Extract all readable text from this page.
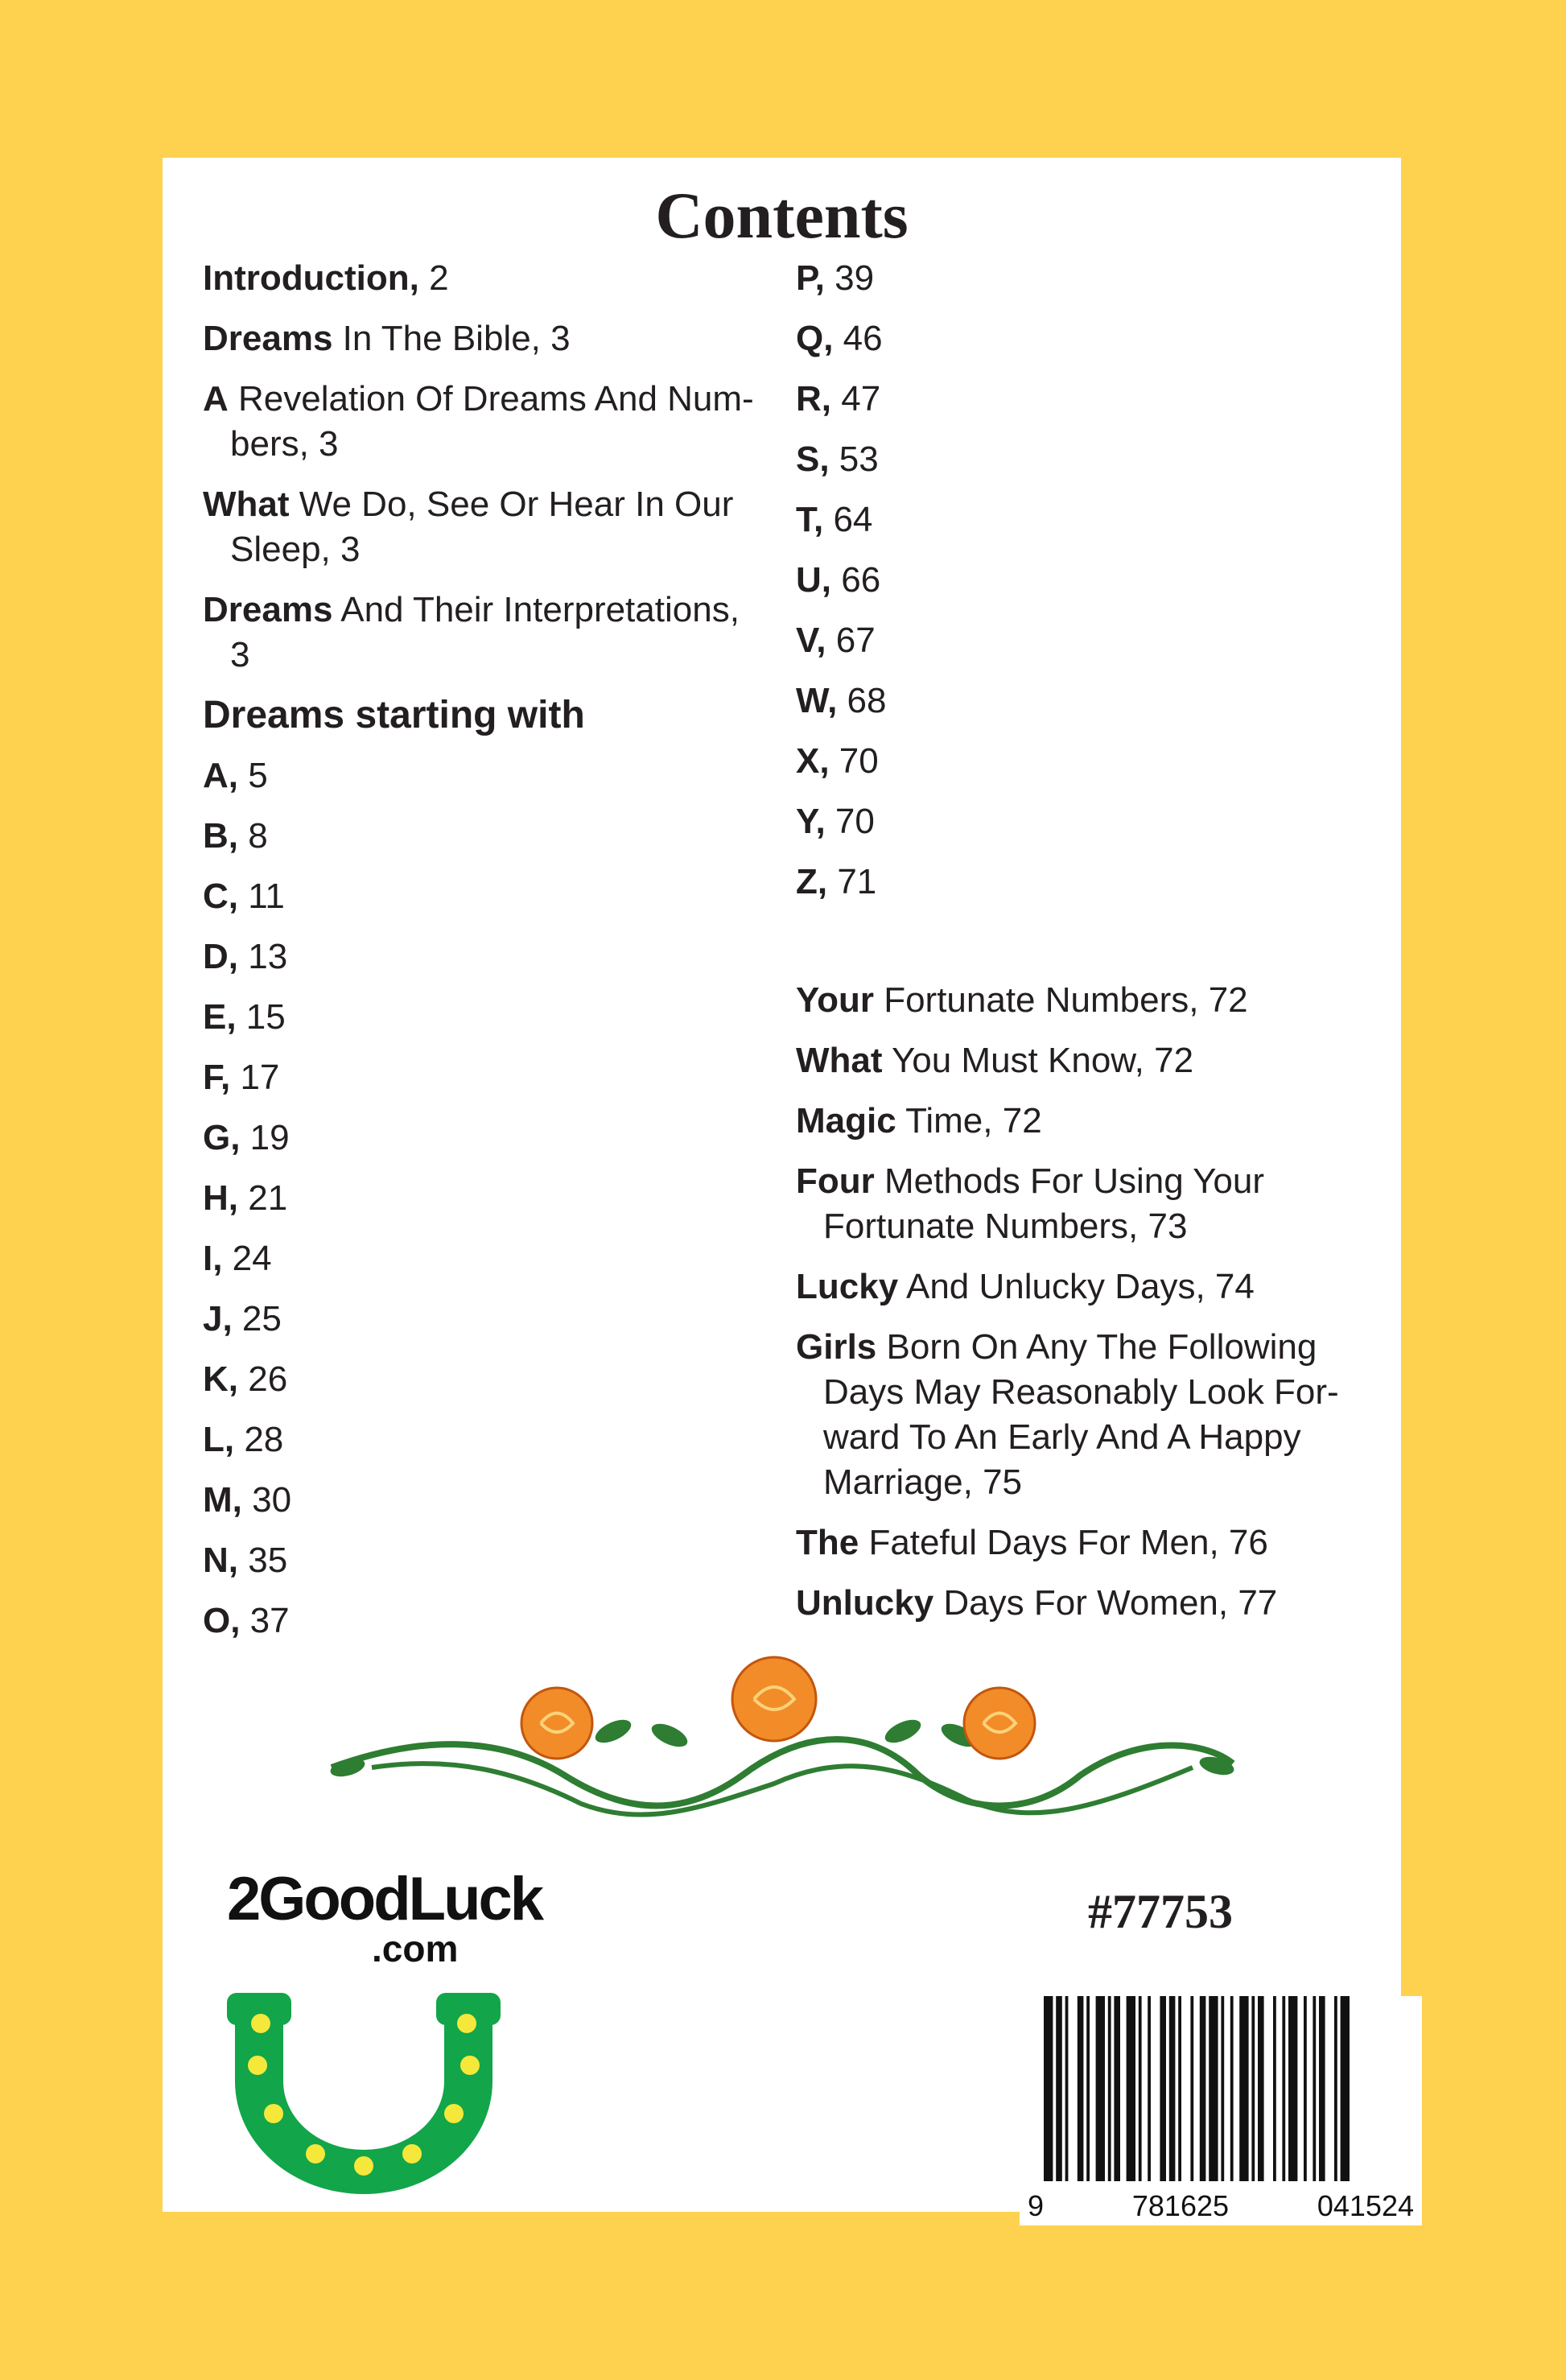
Contents
Introduction, 2
Dreams In The Bible, 3
A Revelation Of Dreams And Num-bers, 3
What We Do, See Or Hear In Our Sleep, 3
Dreams And Their Interpretations, 3
Dreams starting with
A, 5
B, 8
C, 11
D, 13
E, 15
F, 17
G, 19
H, 21
I, 24
J, 25
K, 26
L, 28
M, 30
N, 35
O, 37
P, 39
Q, 46
R, 47
S, 53
T, 64
U, 66
V, 67
W, 68
X, 70
Y, 70
Z, 71
Your Fortunate Numbers, 72
What You Must Know, 72
Magic Time, 72
Four Methods For Using Your Fortunate Numbers, 73
Lucky And Unlucky Days, 74
Girls Born On Any The Following Days May Reasonably Look For-ward To An Early And A Happy Marriage, 75
The Fateful Days For Men, 76
Unlucky Days For Women, 77
2GoodLuck
.com
#77753
9	781625	041524
